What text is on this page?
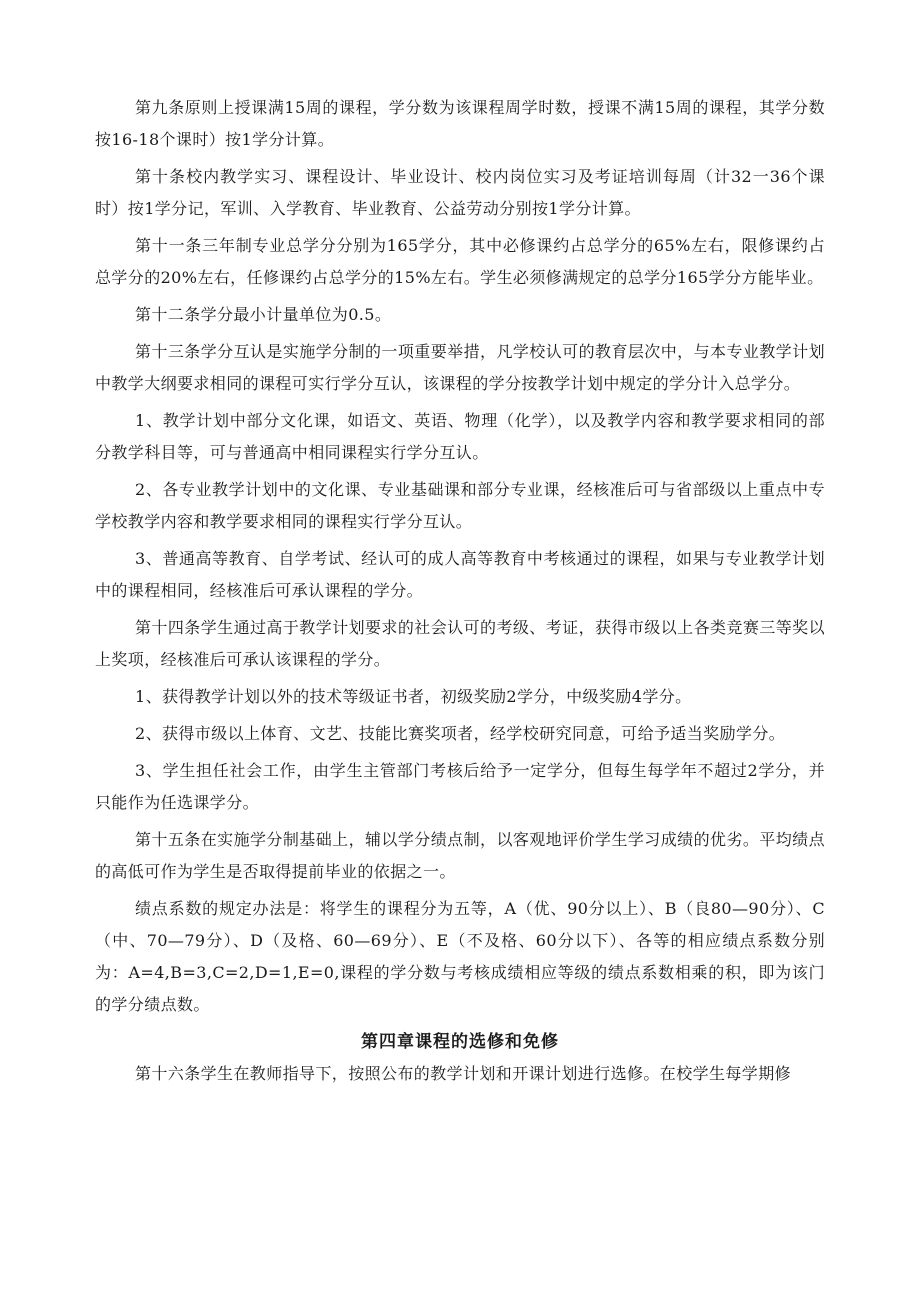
第九条原则上授课满15周的课程，学分数为该课程周学时数，授课不满15周的课程，其学分数按16-18个课时）按1学分计算。

第十条校内教学实习、课程设计、毕业设计、校内岗位实习及考证培训每周（计32一36个课时）按1学分记，军训、入学教育、毕业教育、公益劳动分别按1学分计算。

第十一条三年制专业总学分分别为165学分，其中必修课约占总学分的65%左右，限修课约占总学分的20%左右，任修课约占总学分的15%左右。学生必须修满规定的总学分165学分方能毕业。

第十二条学分最小计量单位为0.5。

第十三条学分互认是实施学分制的一项重要举措，凡学校认可的教育层次中，与本专业教学计划中教学大纲要求相同的课程可实行学分互认，该课程的学分按教学计划中规定的学分计入总学分。

1、教学计划中部分文化课，如语文、英语、物理（化学），以及教学内容和教学要求相同的部分教学科目等，可与普通高中相同课程实行学分互认。

2、各专业教学计划中的文化课、专业基础课和部分专业课，经核准后可与省部级以上重点中专学校教学内容和教学要求相同的课程实行学分互认。

3、普通高等教育、自学考试、经认可的成人高等教育中考核通过的课程，如果与专业教学计划中的课程相同，经核准后可承认课程的学分。

第十四条学生通过高于教学计划要求的社会认可的考级、考证，获得市级以上各类竞赛三等奖以上奖项，经核准后可承认该课程的学分。

1、获得教学计划以外的技术等级证书者，初级奖励2学分，中级奖励4学分。

2、获得市级以上体育、文艺、技能比赛奖项者，经学校研究同意，可给予适当奖励学分。

3、学生担任社会工作，由学生主管部门考核后给予一定学分，但每生每学年不超过2学分，并只能作为任选课学分。

第十五条在实施学分制基础上，辅以学分绩点制，以客观地评价学生学习成绩的优劣。平均绩点的高低可作为学生是否取得提前毕业的依据之一。

绩点系数的规定办法是：将学生的课程分为五等，A（优、90分以上）、B（良80—90分）、C（中、70—79分）、D（及格、60—69分）、E（不及格、60分以下）、各等的相应绩点系数分别为：A=4,B=3,C=2,D=1,E=0,课程的学分数与考核成绩相应等级的绩点系数相乘的积，即为该门的学分绩点数。

第四章课程的选修和免修

第十六条学生在教师指导下，按照公布的教学计划和开课计划进行选修。在校学生每学期修
